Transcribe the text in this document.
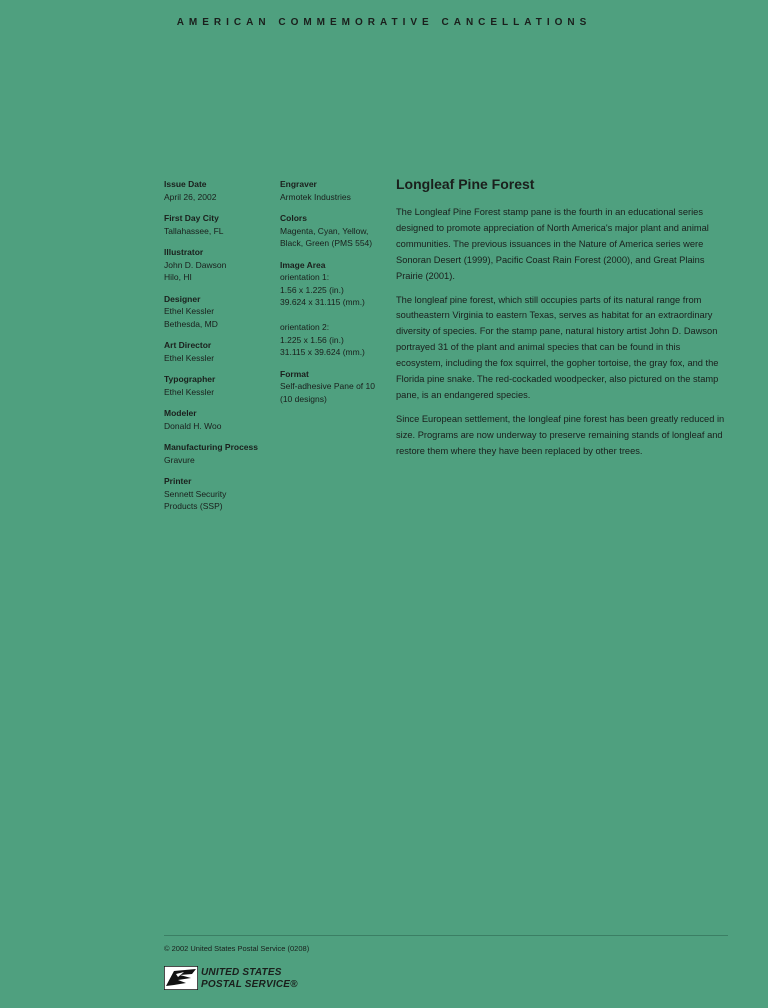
AMERICAN COMMEMORATIVE CANCELLATIONS
Issue Date
April 26, 2002
First Day City
Tallahassee, FL
Illustrator
John D. Dawson
Hilo, HI
Designer
Ethel Kessler
Bethesda, MD
Art Director
Ethel Kessler
Typographer
Ethel Kessler
Modeler
Donald H. Woo
Manufacturing Process
Gravure
Printer
Sennett Security
Products (SSP)
Engraver
Armotek Industries
Colors
Magenta, Cyan, Yellow,
Black, Green (PMS 554)
Image Area
orientation 1:
1.56 x 1.225 (in.)
39.624 x 31.115 (mm.)
orientation 2:
1.225 x 1.56 (in.)
31.115 x 39.624 (mm.)
Format
Self-adhesive Pane of 10
(10 designs)
Longleaf Pine Forest

The Longleaf Pine Forest stamp pane is the fourth in an educational series designed to promote appreciation of North America's major plant and animal communities. The previous issuances in the Nature of America series were Sonoran Desert (1999), Pacific Coast Rain Forest (2000), and Great Plains Prairie (2001).

The longleaf pine forest, which still occupies parts of its natural range from southeastern Virginia to eastern Texas, serves as habitat for an extraordinary diversity of species. For the stamp pane, natural history artist John D. Dawson portrayed 31 of the plant and animal species that can be found in this ecosystem, including the fox squirrel, the gopher tortoise, the gray fox, and the Florida pine snake. The red-cockaded woodpecker, also pictured on the stamp pane, is an endangered species.

Since European settlement, the longleaf pine forest has been greatly reduced in size. Programs are now underway to preserve remaining stands of longleaf and restore them where they have been replaced by other trees.

© 2002 United States Postal Service (0208)
UNITED STATES
POSTAL SERVICE®
